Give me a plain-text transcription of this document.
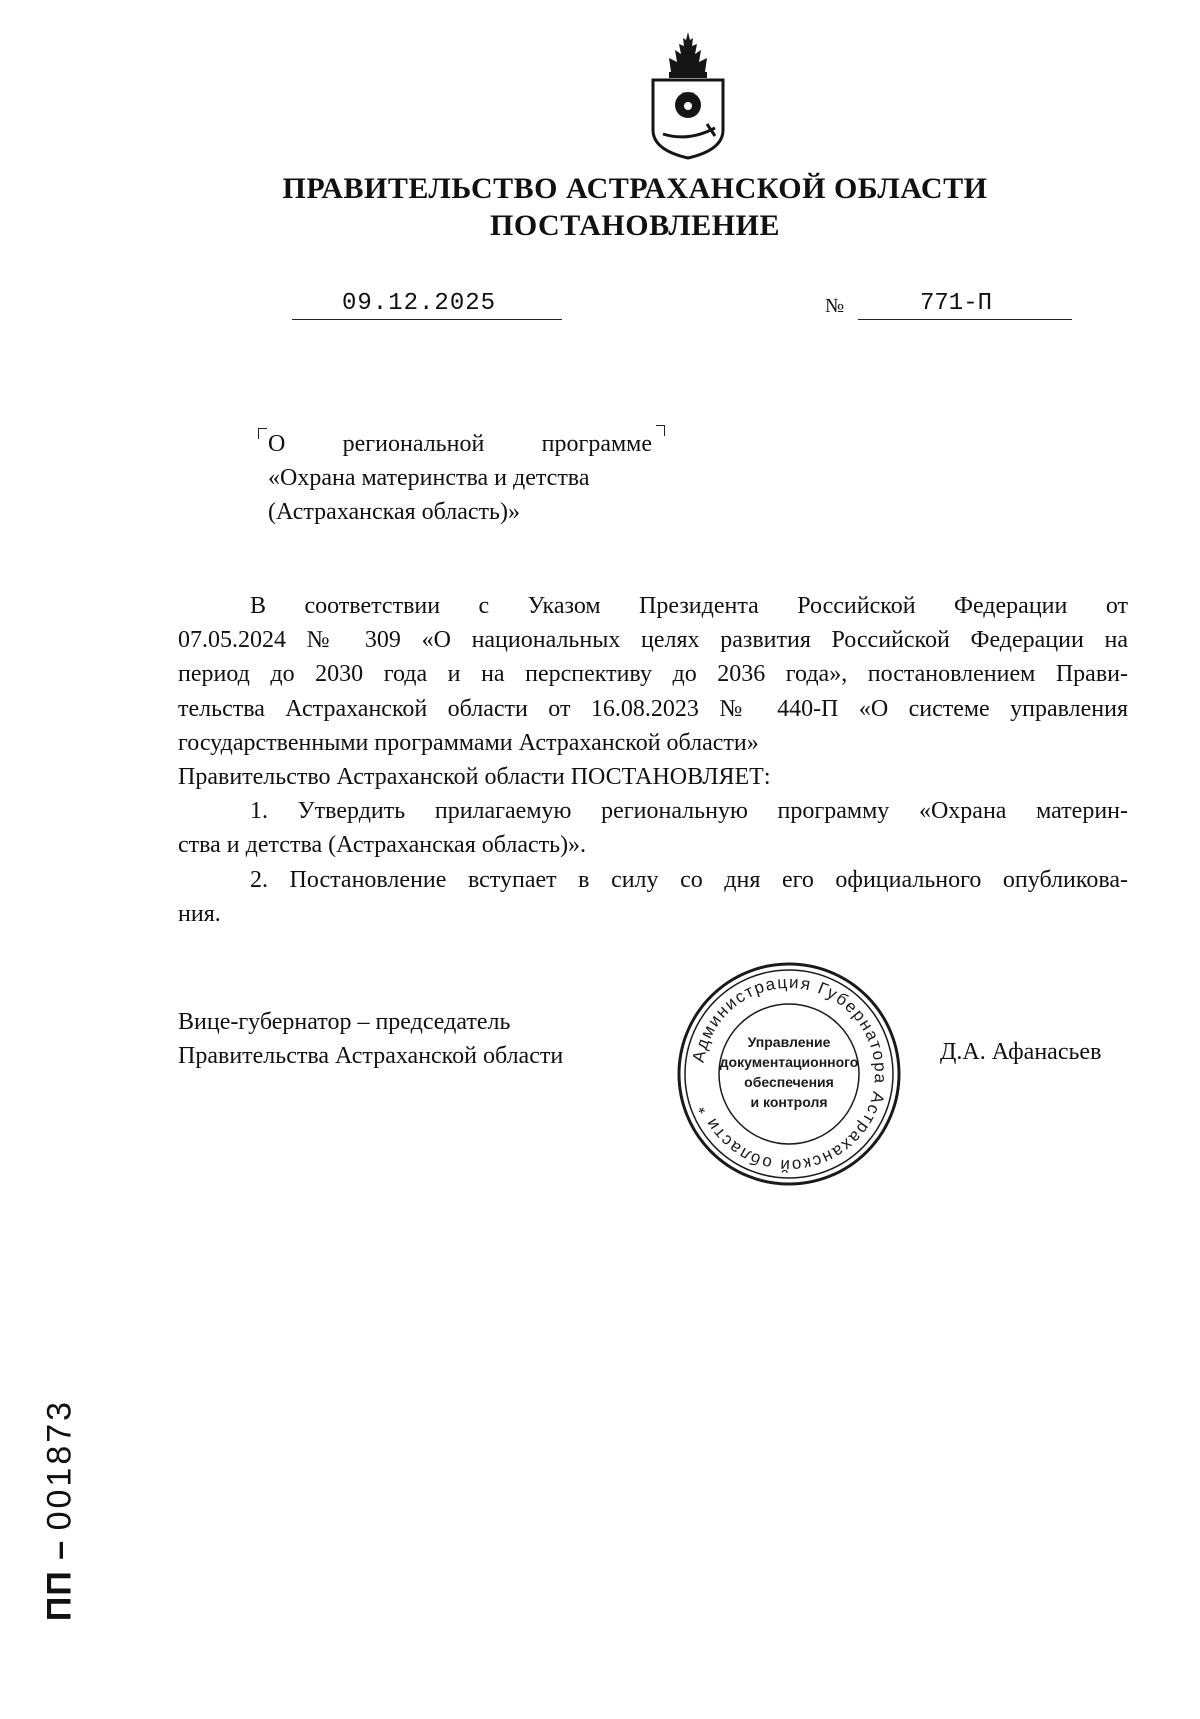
ПРАВИТЕЛЬСТВО АСТРАХАНСКОЙ ОБЛАСТИ
ПОСТАНОВЛЕНИЕ
09.12.2025	№	771-П
О региональной программе
«Охрана материнства и детства
(Астраханская область)»
В соответствии с Указом Президента Российской Федерации от
07.05.2024 № 309 «О национальных целях развития Российской Федерации на
период до 2030 года и на перспективу до 2036 года», постановлением Прави-
тельства Астраханской области от 16.08.2023 № 440-П «О системе управления
государственными программами Астраханской области»
Правительство Астраханской области ПОСТАНОВЛЯЕТ:
1. Утвердить прилагаемую региональную программу «Охрана материн-
ства и детства (Астраханская область)».
2. Постановление вступает в силу со дня его официального опубликова-
ния.
Вице-губернатор – председатель
Правительства Астраханской области	Д.А. Афанасьев
Администрация Губернатора Астраханской области *
Управление
документационного
обеспечения
и контроля
ПП – 001873
